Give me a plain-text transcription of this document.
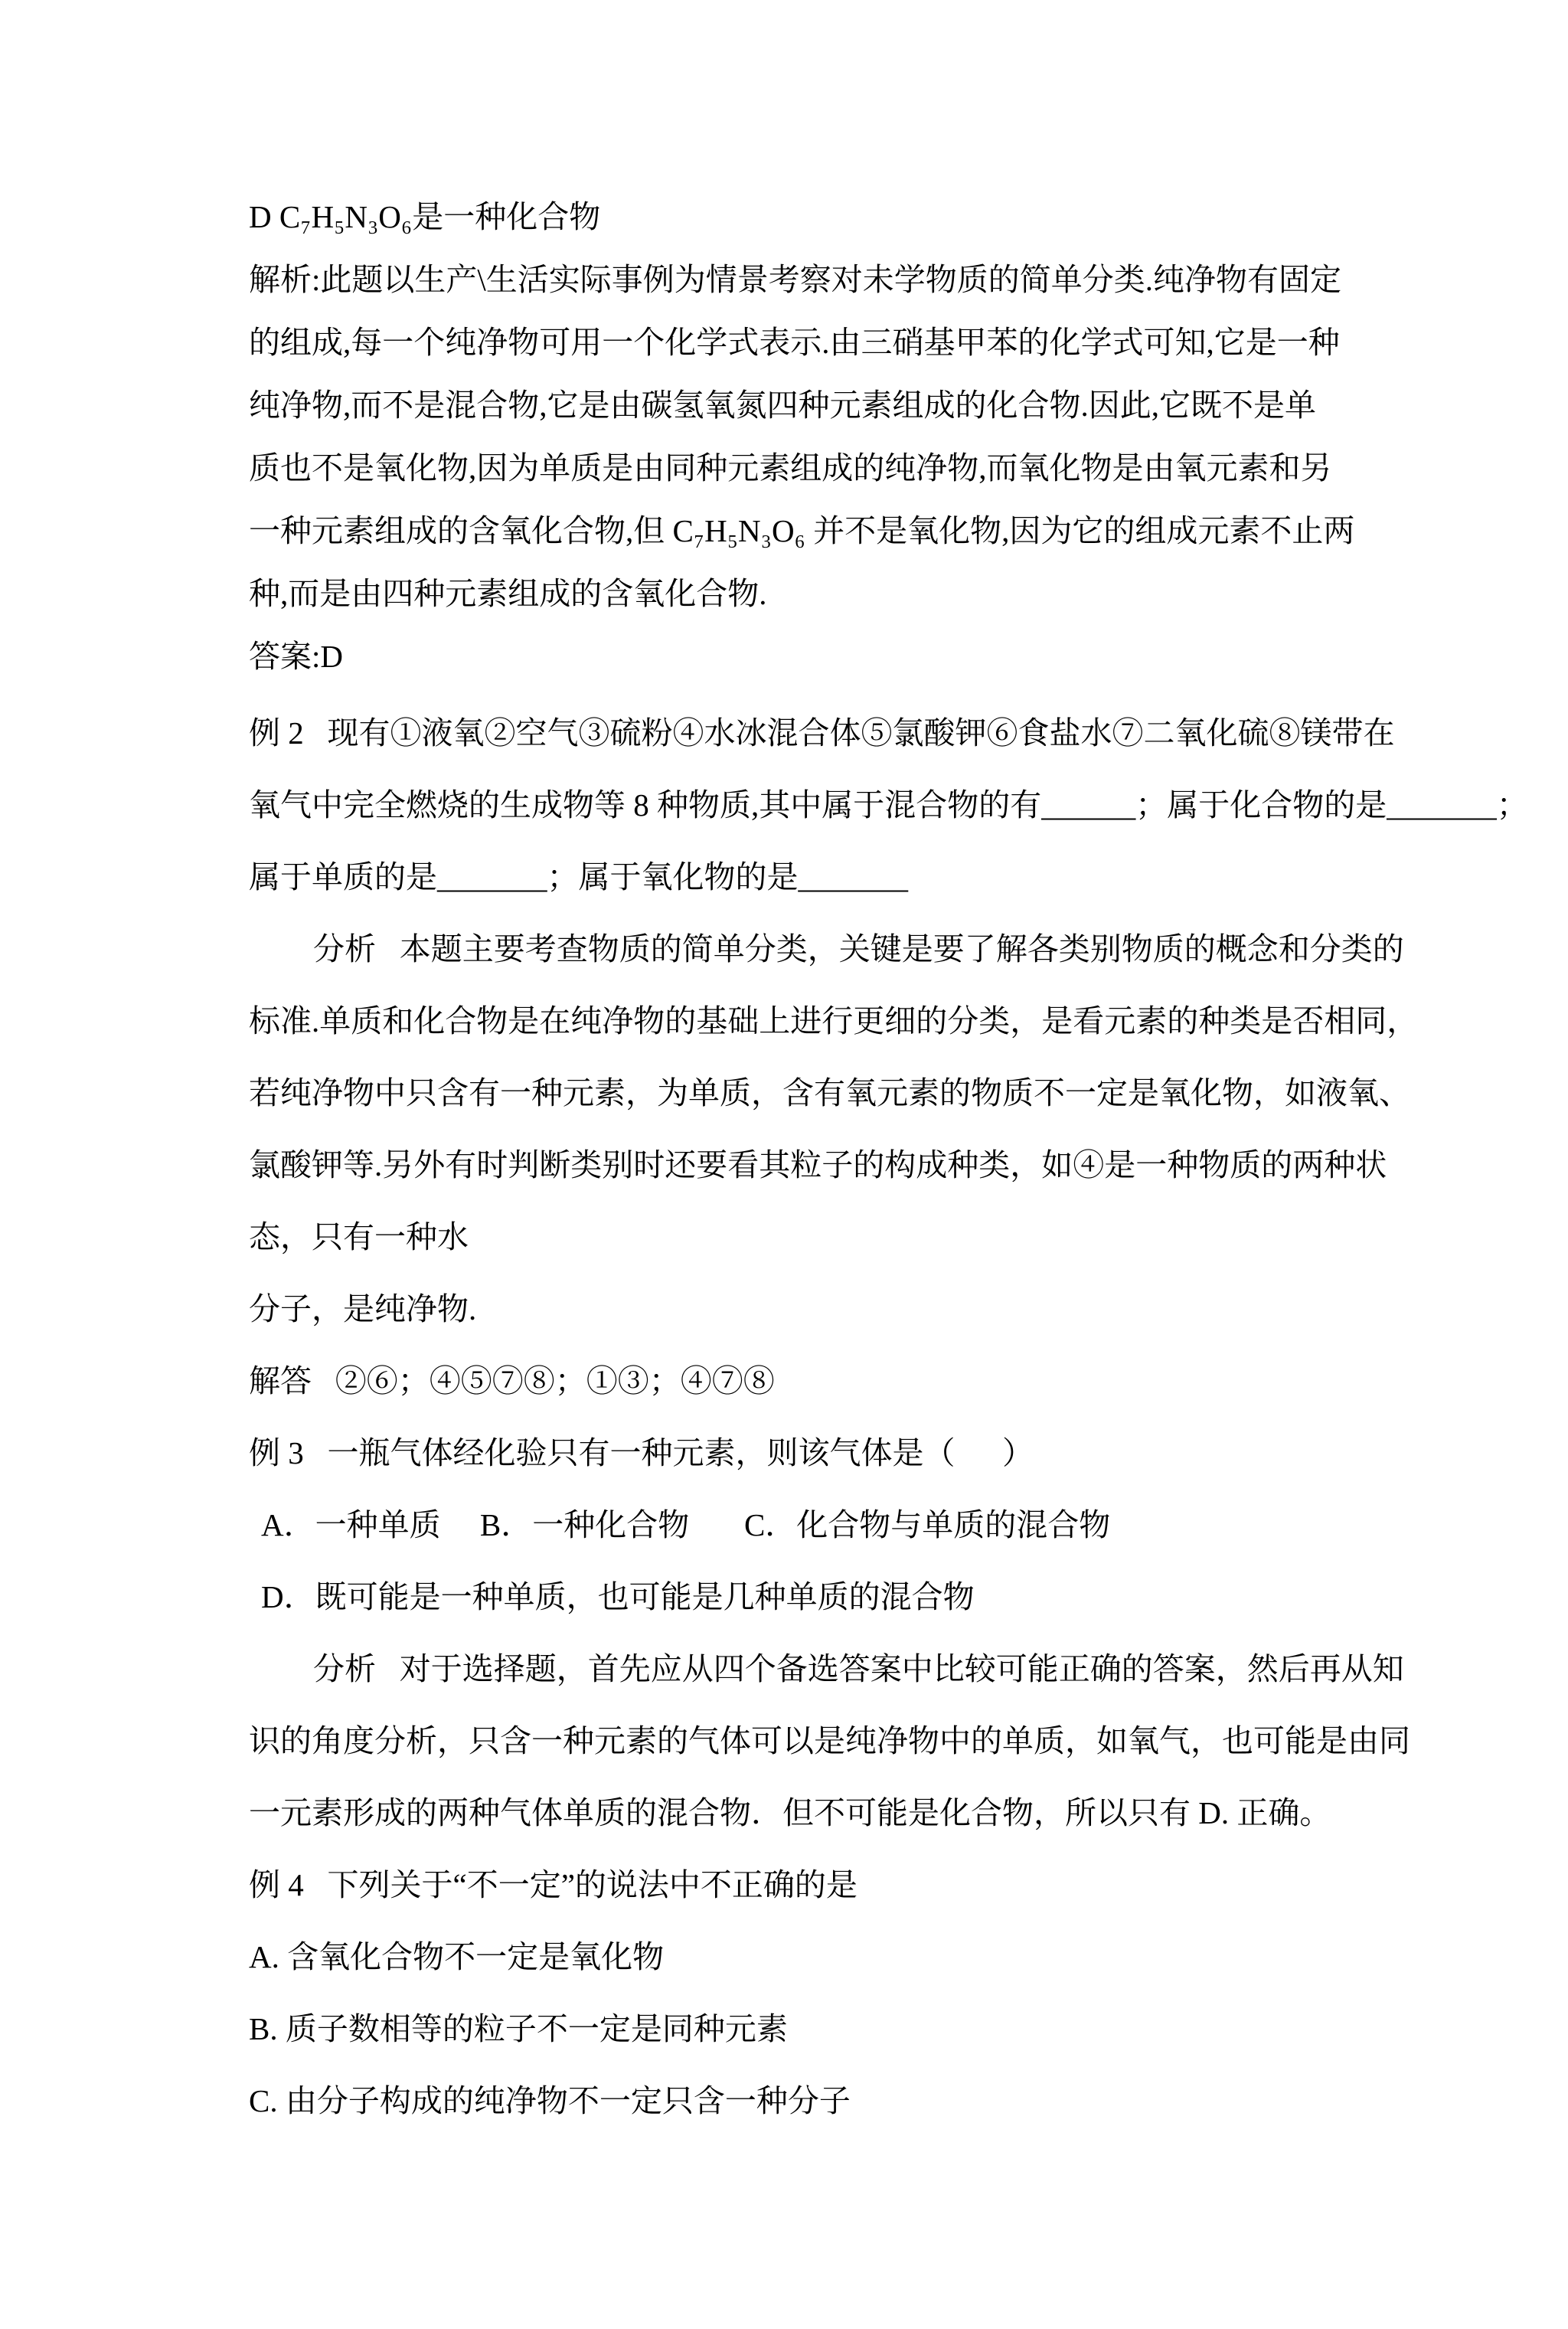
D C₇H₅N₃O₆是一种化合物
解析:此题以生产\生活实际事例为情景考察对未学物质的简单分类.纯净物有固定
的组成,每一个纯净物可用一个化学式表示.由三硝基甲苯的化学式可知,它是一种
纯净物,而不是混合物,它是由碳氢氧氮四种元素组成的化合物.因此,它既不是单
质也不是氧化物,因为单质是由同种元素组成的纯净物,而氧化物是由氧元素和另
一种元素组成的含氧化合物,但 C₇H₅N₃O₆ 并不是氧化物,因为它的组成元素不止两
种,而是由四种元素组成的含氧化合物.
答案:D
例 2   现有①液氧②空气③硫粉④水冰混合体⑤氯酸钾⑥食盐水⑦二氧化硫⑧镁带在
氧气中完全燃烧的生成物等 8 种物质,其中属于混合物的有______；属于化合物的是_______；
属于单质的是_______；属于氧化物的是_______
分析   本题主要考查物质的简单分类，关键是要了解各类别物质的概念和分类的
标准.单质和化合物是在纯净物的基础上进行更细的分类，是看元素的种类是否相同，
若纯净物中只含有一种元素，为单质，含有氧元素的物质不一定是氧化物，如液氧、
氯酸钾等.另外有时判断类别时还要看其粒子的构成种类，如④是一种物质的两种状
态，只有一种水
分子，是纯净物.
解答   ②⑥；④⑤⑦⑧；①③；④⑦⑧
例 3   一瓶气体经化验只有一种元素，则该气体是（      ）
A．一种单质     B．一种化合物       C．化合物与单质的混合物
D．既可能是一种单质，也可能是几种单质的混合物
分析   对于选择题，首先应从四个备选答案中比较可能正确的答案，然后再从知
识的角度分析，只含一种元素的气体可以是纯净物中的单质，如氧气，也可能是由同
一元素形成的两种气体单质的混合物．但不可能是化合物，所以只有 D. 正确。
例 4   下列关于“不一定”的说法中不正确的是
A. 含氧化合物不一定是氧化物
B. 质子数相等的粒子不一定是同种元素
C. 由分子构成的纯净物不一定只含一种分子
